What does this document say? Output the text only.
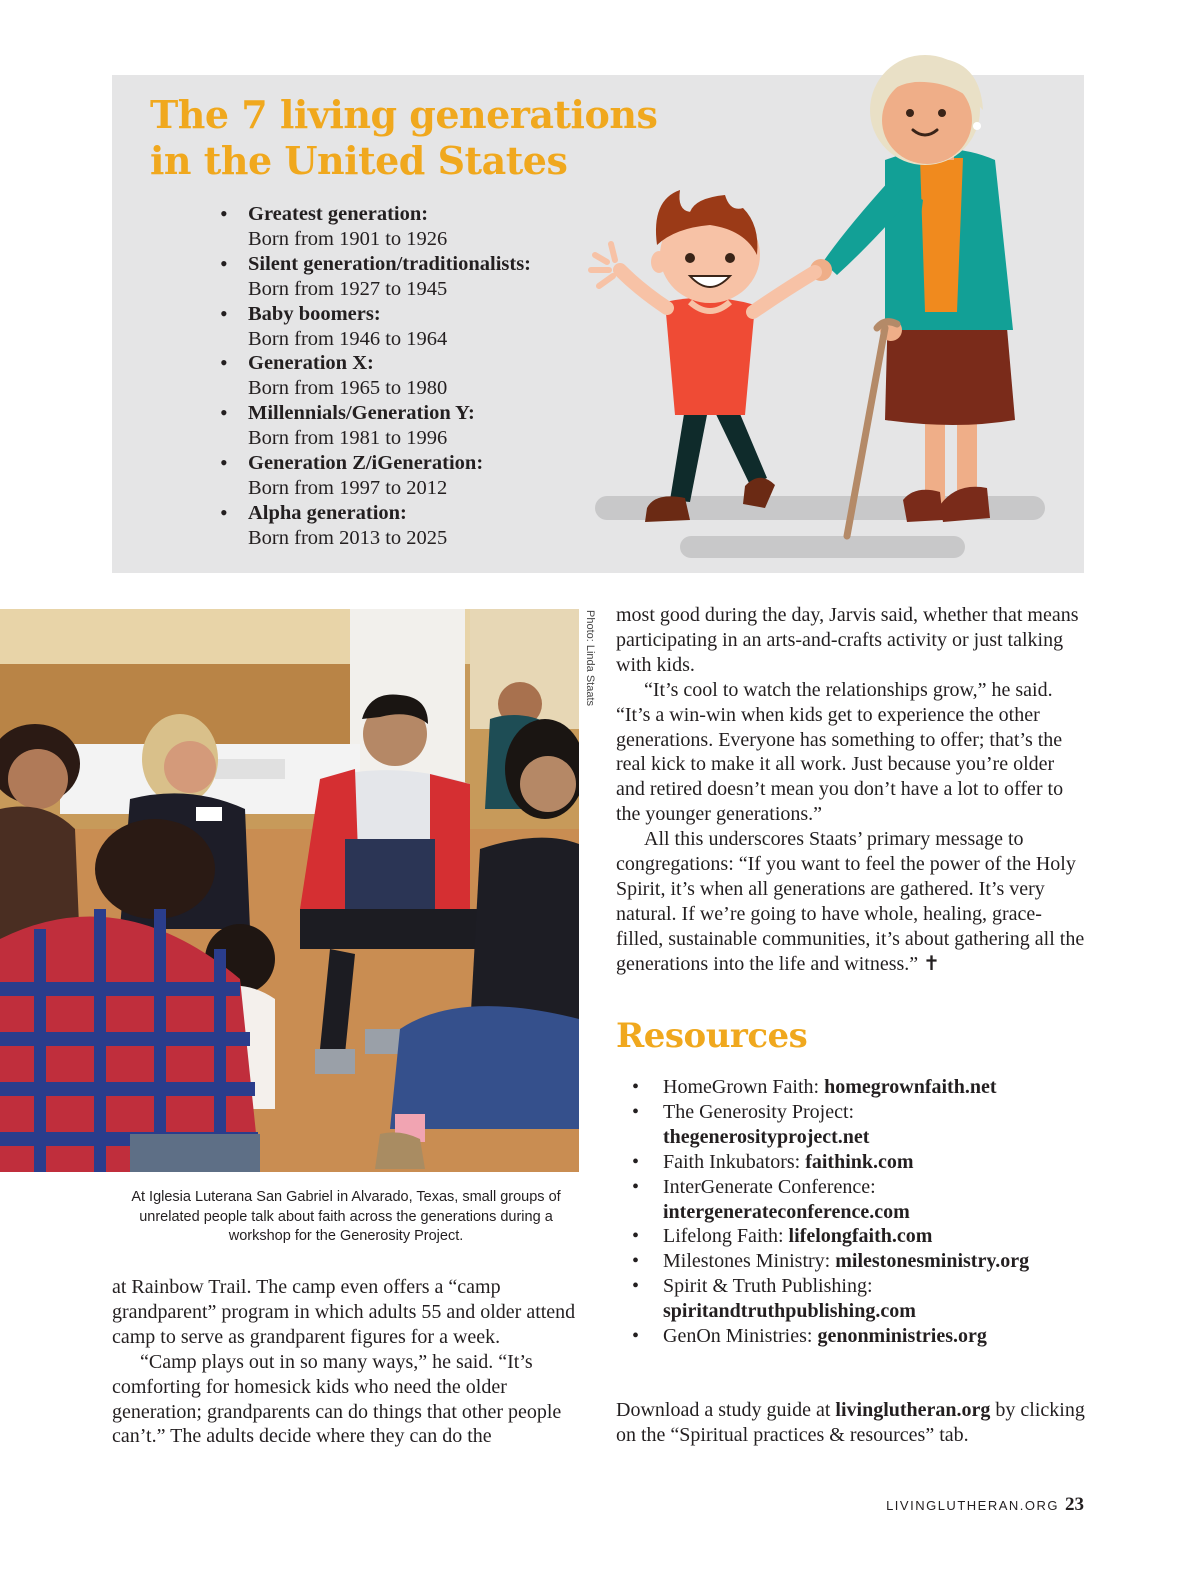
The 7 living generations
in the United States
• Greatest generation:
Born from 1901 to 1926
• Silent generation/traditionalists:
Born from 1927 to 1945
• Baby boomers:
Born from 1946 to 1964
• Generation X:
Born from 1965 to 1980
• Millennials/Generation Y:
Born from 1981 to 1996
• Generation Z/iGeneration:
Born from 1997 to 2012
• Alpha generation:
Born from 2013 to 2025
Photo: Linda Staats

At Iglesia Luterana San Gabriel in Alvarado, Texas, small groups of unrelated people talk about faith across the generations during a workshop for the Generosity Project.

at Rainbow Trail. The camp even offers a “camp grandparent” program in which adults 55 and older attend camp to serve as grandparent figures for a week.

“Camp plays out in so many ways,” he said. “It’s comforting for homesick kids who need the older generation; grandparents can do things that other people can’t.” The adults decide where they can do the

most good during the day, Jarvis said, whether that means participating in an arts-and-crafts activity or just talking with kids.

“It’s cool to watch the relationships grow,” he said. “It’s a win-win when kids get to experience the other generations. Everyone has something to offer; that’s the real kick to make it all work. Just because you’re older and retired doesn’t mean you don’t have a lot to offer to the younger generations.”

All this underscores Staats’ primary message to congregations: “If you want to feel the power of the Holy Spirit, it’s when all generations are gathered. It’s very natural. If we’re going to have whole, healing, grace-filled, sustainable communities, it’s about gathering all the generations into the life and witness.” ✝

Resources
• HomeGrown Faith: homegrownfaith.net
• The Generosity Project:
thegenerosityproject.net
• Faith Inkubators: faithink.com
• InterGenerate Conference:
intergenerateconference.com
• Lifelong Faith: lifelongfaith.com
• Milestones Ministry: milestonesministry.org
• Spirit & Truth Publishing:
spiritandtruthpublishing.com
• GenOn Ministries: genonministries.org

Download a study guide at livinglutheran.org by clicking on the “Spiritual practices & resources” tab.

LIVINGLUTHERAN.ORG 23
